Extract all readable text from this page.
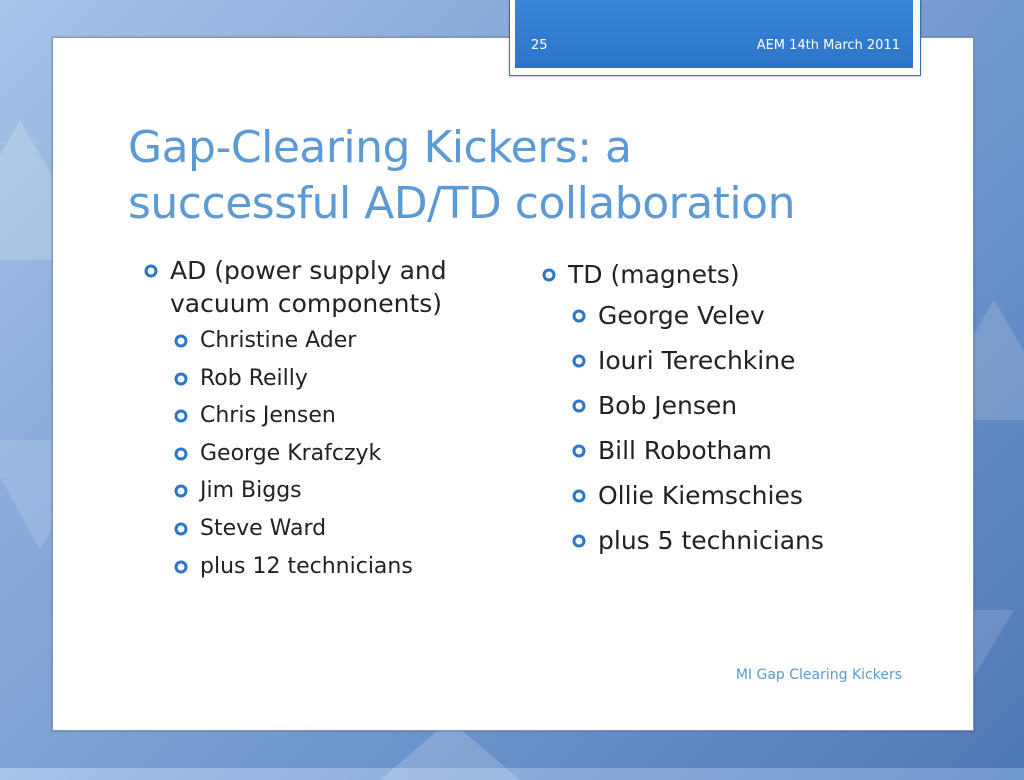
25	AEM 14th March 2011
Gap-Clearing Kickers: a
successful AD/TD collaboration
AD (power supply and vacuum components)
Christine Ader
Rob Reilly
Chris Jensen
George Krafczyk
Jim Biggs
Steve Ward
plus 12 technicians
TD (magnets)
George Velev
Iouri Terechkine
Bob Jensen
Bill Robotham
Ollie Kiemschies
plus 5 technicians
MI Gap Clearing Kickers
